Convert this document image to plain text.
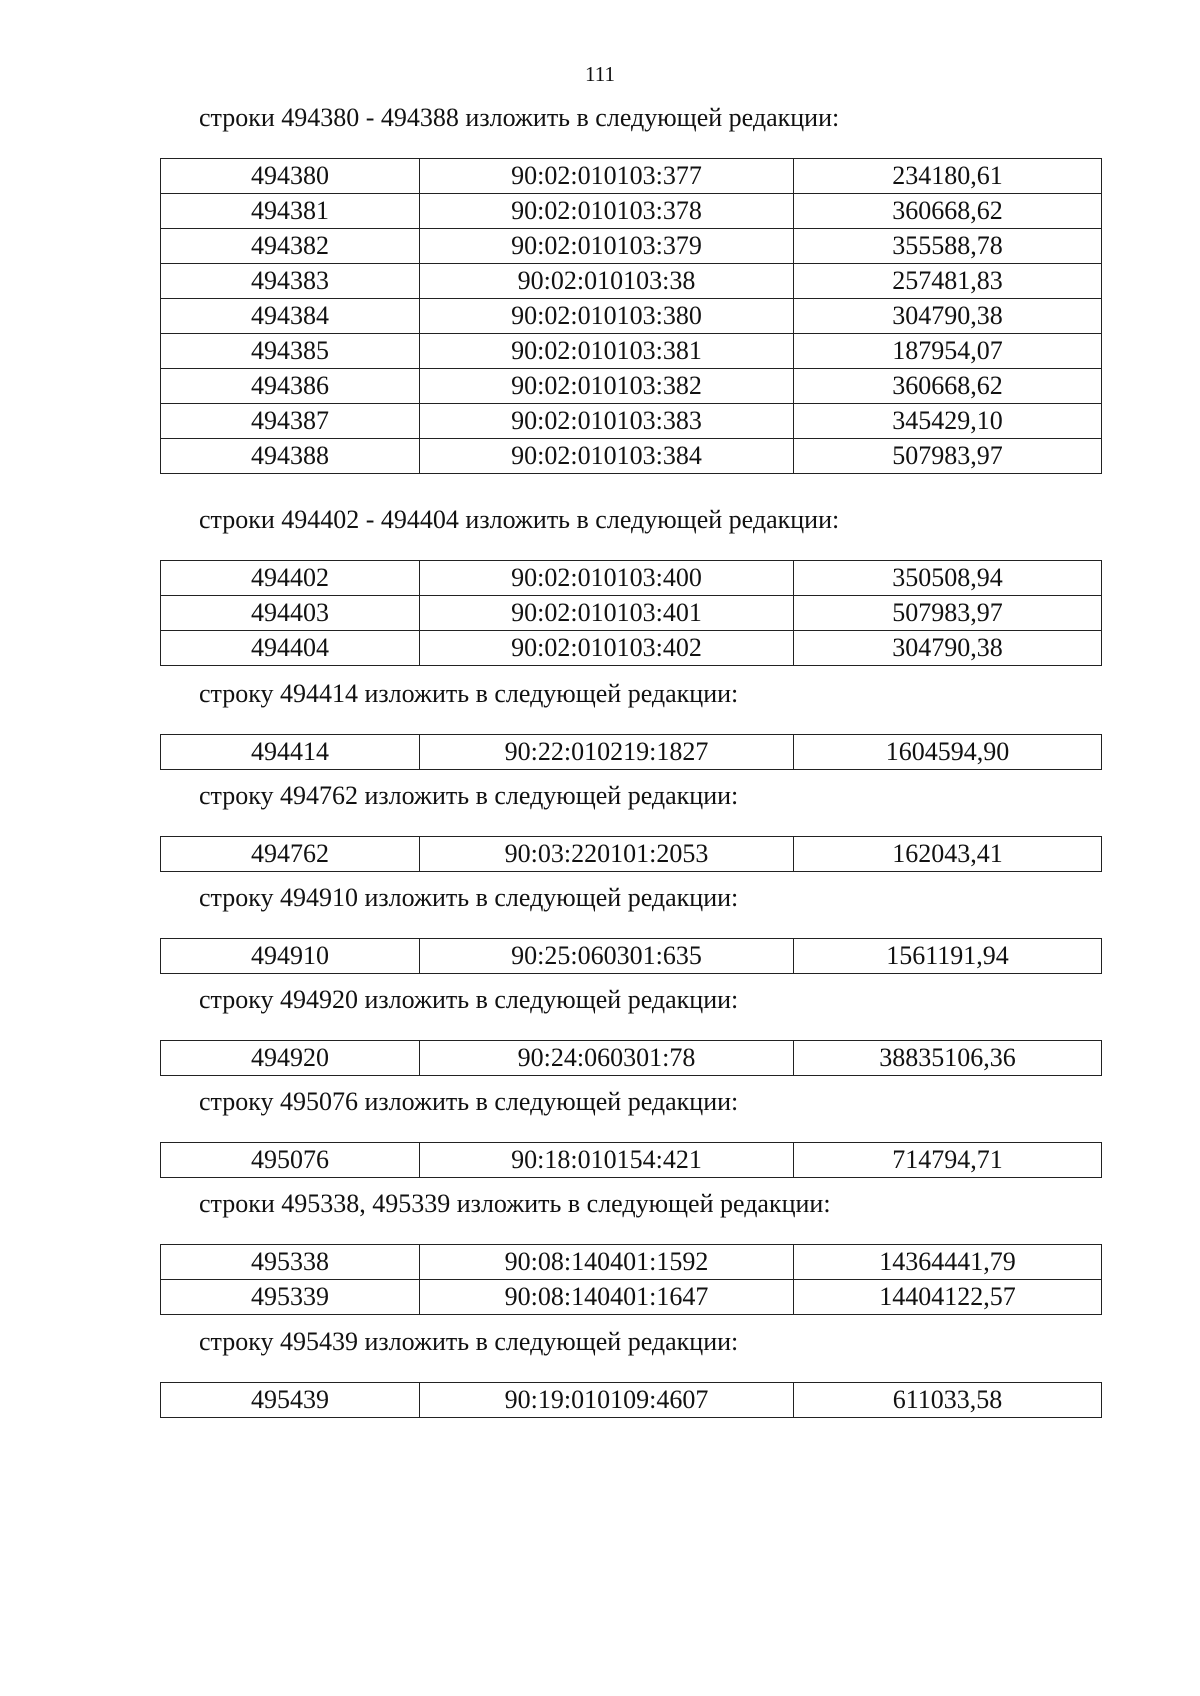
111

строки 494380 - 494388 изложить в следующей редакции:

494380	90:02:010103:377	234180,61
494381	90:02:010103:378	360668,62
494382	90:02:010103:379	355588,78
494383	90:02:010103:38	257481,83
494384	90:02:010103:380	304790,38
494385	90:02:010103:381	187954,07
494386	90:02:010103:382	360668,62
494387	90:02:010103:383	345429,10
494388	90:02:010103:384	507983,97

строки 494402 - 494404 изложить в следующей редакции:

494402	90:02:010103:400	350508,94
494403	90:02:010103:401	507983,97
494404	90:02:010103:402	304790,38

строку 494414 изложить в следующей редакции:

494414	90:22:010219:1827	1604594,90

строку 494762 изложить в следующей редакции:

494762	90:03:220101:2053	162043,41

строку 494910 изложить в следующей редакции:

494910	90:25:060301:635	1561191,94

строку 494920 изложить в следующей редакции:

494920	90:24:060301:78	38835106,36

строку 495076 изложить в следующей редакции:

495076	90:18:010154:421	714794,71

строки 495338, 495339 изложить в следующей редакции:

495338	90:08:140401:1592	14364441,79
495339	90:08:140401:1647	14404122,57

строку 495439 изложить в следующей редакции:

495439	90:19:010109:4607	611033,58
